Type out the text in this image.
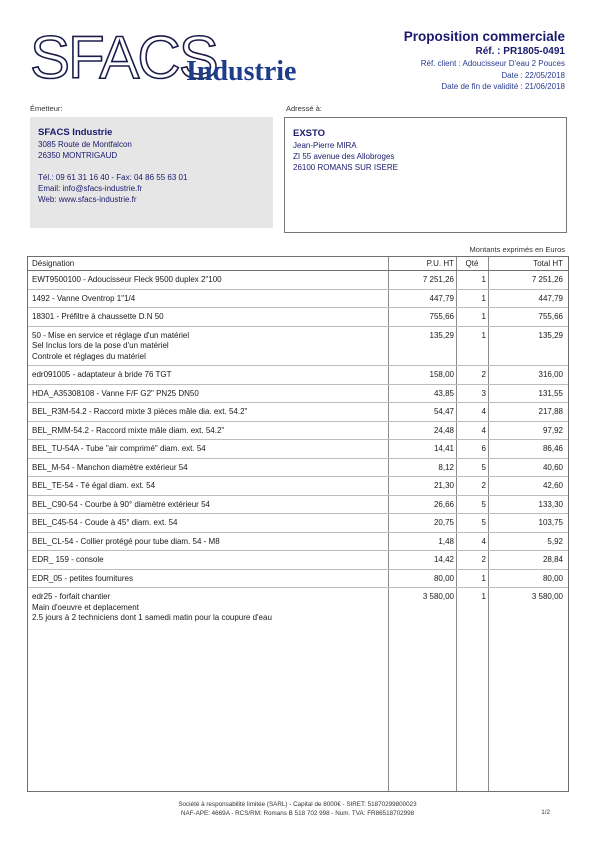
SFACS
Industrie
Proposition commerciale
Réf. : PR1805-0491
Réf. client : Adoucisseur D'eau 2 Pouces
Date : 22/05/2018
Date de fin de validité : 21/06/2018
Émetteur:	Adressé à:
SFACS Industrie
3085 Route de Montfalcon
26350 MONTRIGAUD
Tél.: 09 61 31 16 40 - Fax: 04 86 55 63 01
Email: info@sfacs-industrie.fr
Web: www.sfacs-industrie.fr
EXSTO
Jean-Pierre MIRA
ZI 55 avenue des Allobroges
26100 ROMANS SUR ISERE
Montants exprimés en Euros
Désignation	P.U. HT	Qté	Total HT
EWT9500100 - Adoucisseur Fleck 9500 duplex 2"100	7 251,26	1	7 251,26
1492 - Vanne Oventrop 1"1/4	447,79	1	447,79
18301 - Préfiltre à chaussette D.N 50	755,66	1	755,66
50 - Mise en service et réglage d'un matériel
Sel Inclus lors de la pose d'un matériel
Controle et réglages du matériel
135,29	1	135,29
edr091005 - adaptateur à bride 76 TGT	158,00	2	316,00
HDA_A35308108 - Vanne F/F G2" PN25 DN50	43,85	3	131,55
BEL_R3M-54.2 - Raccord mixte 3 pièces mâle dia. ext. 54.2"	54,47	4	217,88
BEL_RMM-54.2 - Raccord mixte mâle diam. ext. 54.2"	24,48	4	97,92
BEL_TU-54A - Tube "air comprimé" diam. ext. 54	14,41	6	86,46
BEL_M-54 - Manchon diamètre extérieur 54	8,12	5	40,60
BEL_TE-54 - Té égal diam. ext. 54	21,30	2	42,60
BEL_C90-54 - Courbe à 90° diamètre extérieur 54	26,66	5	133,30
BEL_C45-54 - Coude à 45° diam. ext. 54	20,75	5	103,75
BEL_CL-54 - Collier protégé pour tube diam. 54 - M8	1,48	4	5,92
EDR_ 159 - console	14,42	2	28,84
EDR_05 - petites fournitures	80,00	1	80,00
edr25 - forfait chantier
Main d'oeuvre et deplacement
2.5 jours à 2 techniciens dont 1 samedi matin pour la coupure d'eau
3 580,00	1	3 580,00
Société à responsabilité limitée (SARL) - Capital de 8000€ - SIRET: 51870299800023
NAF-APE: 4669A - RCS/RM: Romans B 518 702 998 - Num. TVA: FR86518702998	1/2
